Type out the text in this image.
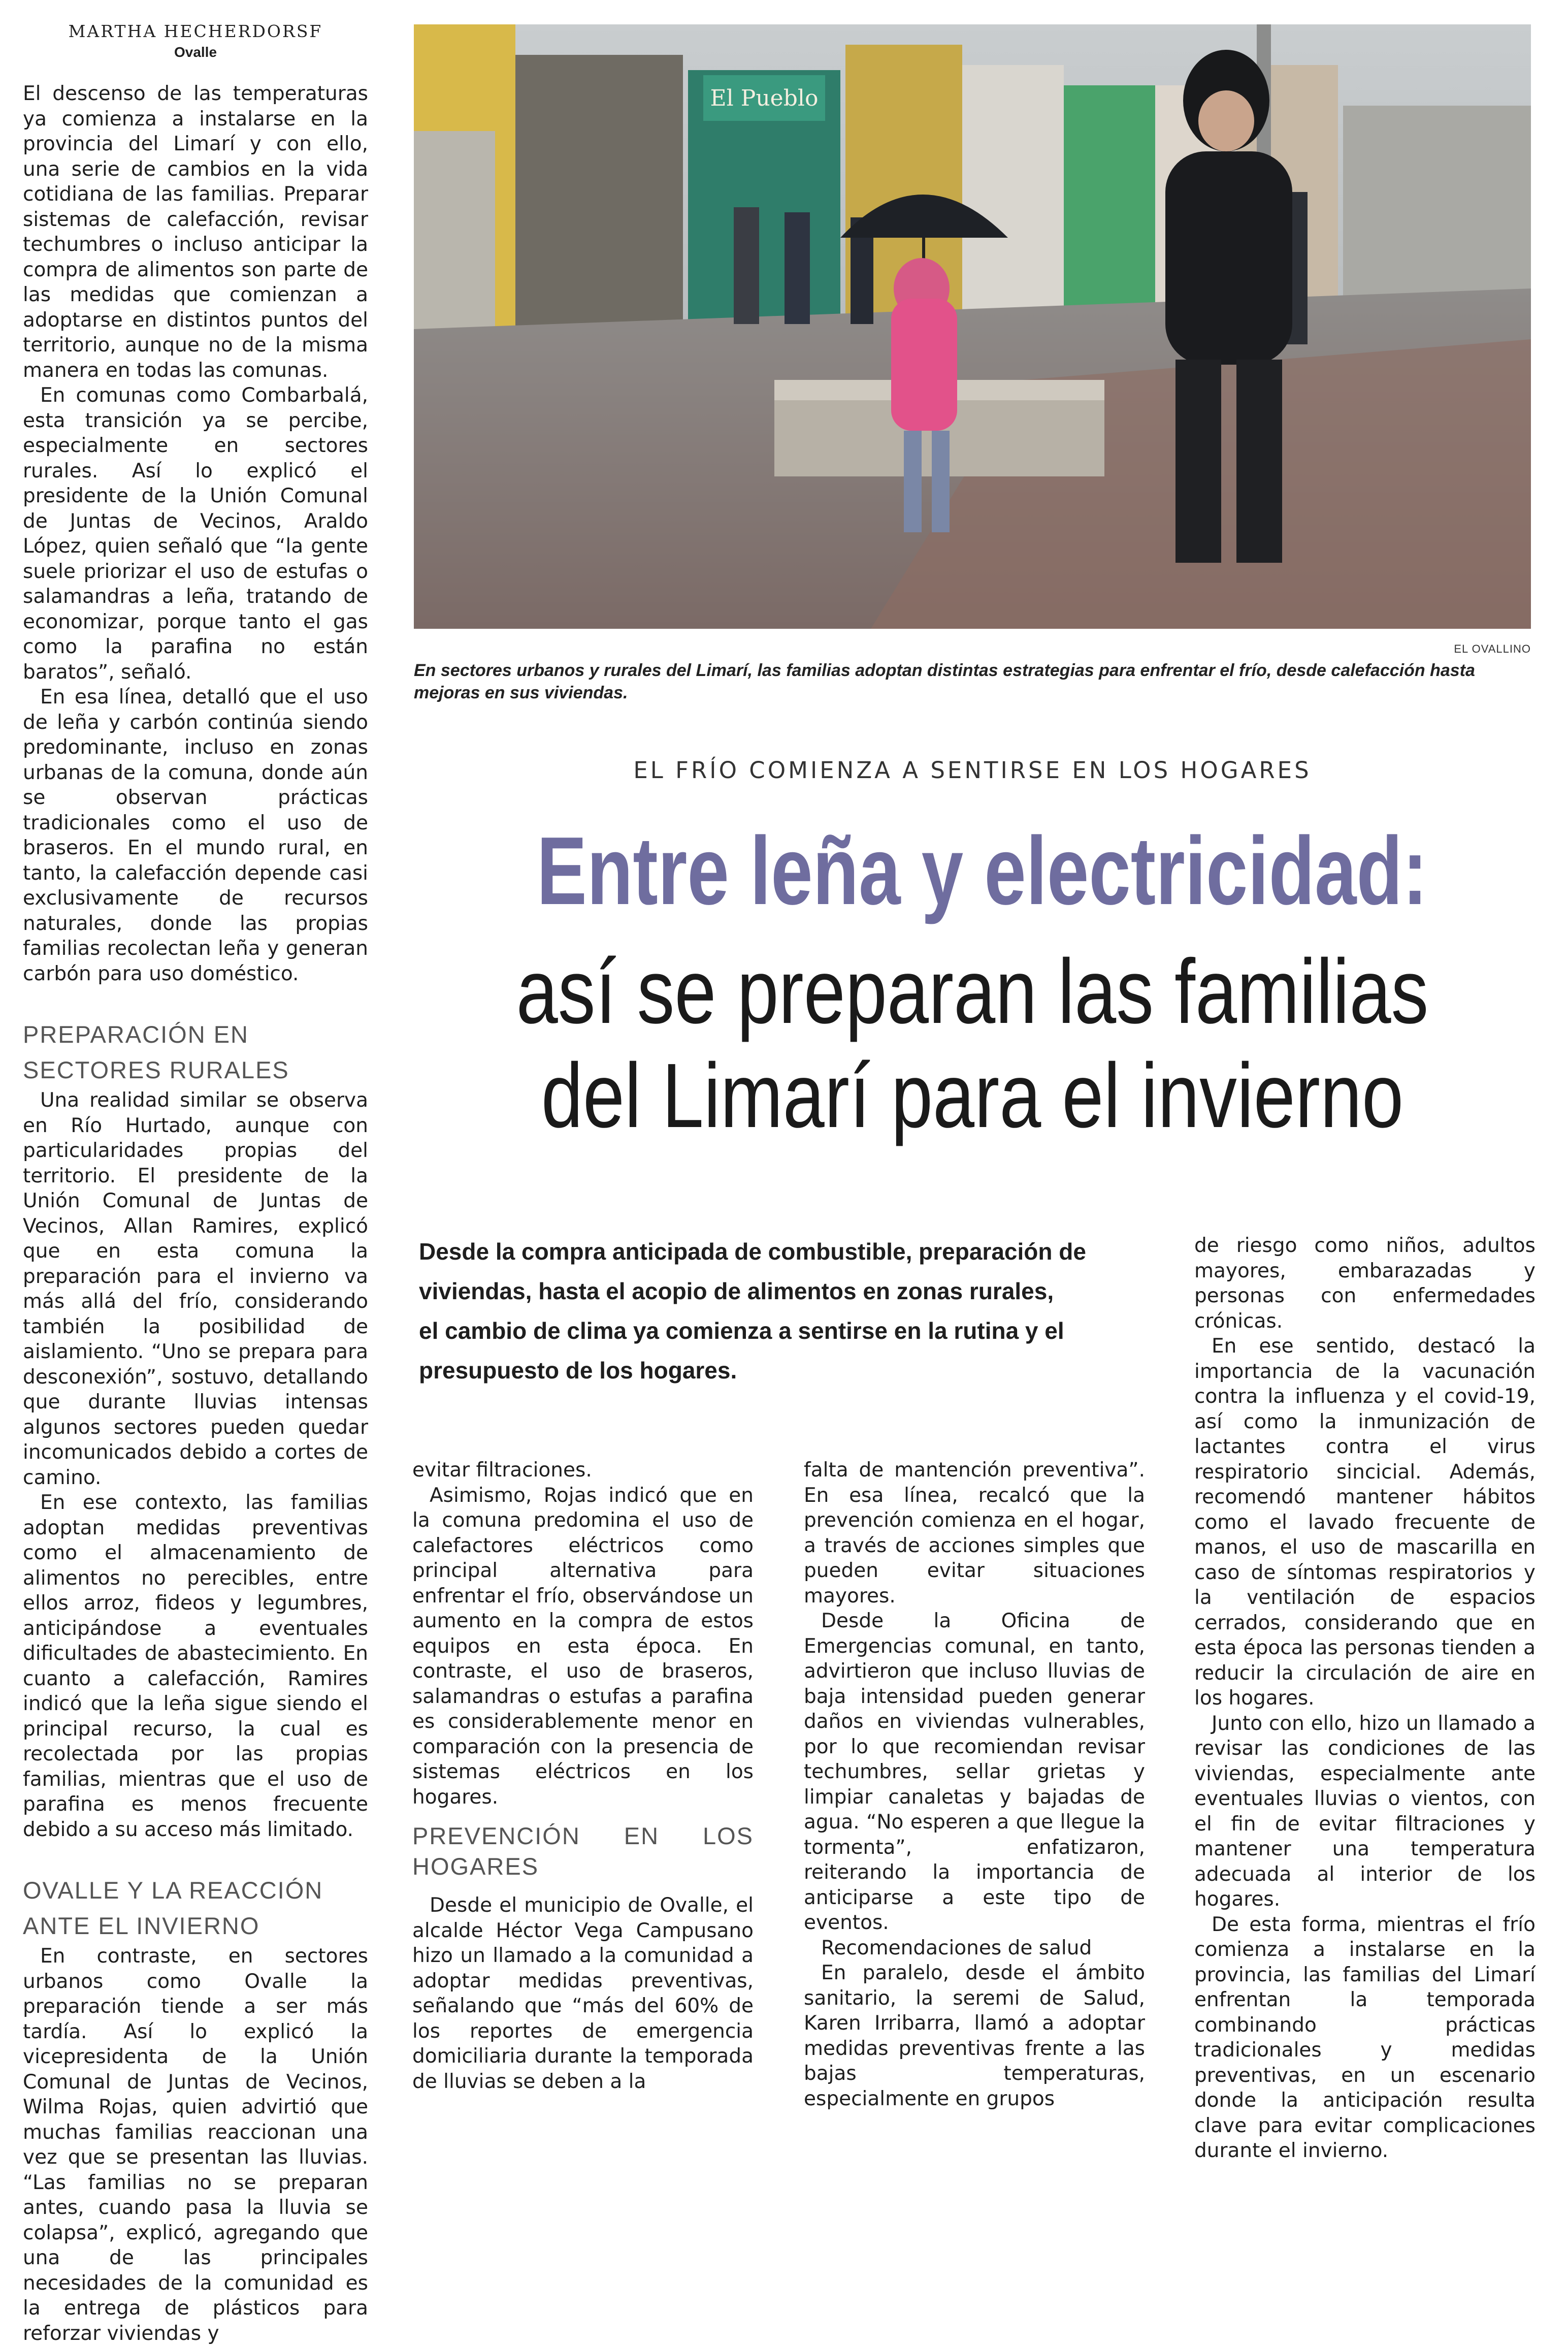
MARTHA HECHERDORSF
Ovalle

El descenso de las temperaturas ya comienza a instalarse en la provincia del Limarí y con ello, una serie de cambios en la vida cotidiana de las familias. Preparar sistemas de calefacción, revisar techumbres o incluso anticipar la compra de alimentos son parte de las medidas que comienzan a adoptarse en distintos puntos del territorio, aunque no de la misma manera en todas las comunas.

En comunas como Combarbalá, esta transición ya se percibe, especialmente en sectores rurales. Así lo explicó el presidente de la Unión Comunal de Juntas de Vecinos, Araldo López, quien señaló que “la gente suele priorizar el uso de estufas o salamandras a leña, tratando de economizar, porque tanto el gas como la parafina no están baratos”, señaló.

En esa línea, detalló que el uso de leña y carbón continúa siendo predominante, incluso en zonas urbanas de la comuna, donde aún se observan prácticas tradicionales como el uso de braseros. En el mundo rural, en tanto, la calefacción depende casi exclusivamente de recursos naturales, donde las propias familias recolectan leña y generan carbón para uso doméstico.

PREPARACIÓN EN
SECTORES RURALES

Una realidad similar se observa en Río Hurtado, aunque con particularidades propias del territorio. El presidente de la Unión Comunal de Juntas de Vecinos, Allan Ramires, explicó que en esta comuna la preparación para el invierno va más allá del frío, considerando también la posibilidad de aislamiento. “Uno se prepara para desconexión”, sostuvo, detallando que durante lluvias intensas algunos sectores pueden quedar incomunicados debido a cortes de camino.

En ese contexto, las familias adoptan medidas preventivas como el almacenamiento de alimentos no perecibles, entre ellos arroz, fideos y legumbres, anticipándose a eventuales dificultades de abastecimiento. En cuanto a calefacción, Ramires indicó que la leña sigue siendo el principal recurso, la cual es recolectada por las propias familias, mientras que el uso de parafina es menos frecuente debido a su acceso más limitado.

OVALLE Y LA REACCIÓN
ANTE EL INVIERNO

En contraste, en sectores urbanos como Ovalle la preparación tiende a ser más tardía. Así lo explicó la vicepresidenta de la Unión Comunal de Juntas de Vecinos, Wilma Rojas, quien advirtió que muchas familias reaccionan una vez que se presentan las lluvias. “Las familias no se preparan antes, cuando pasa la lluvia se colapsa”, explicó, agregando que una de las principales necesidades de la comunidad es la entrega de plásticos para reforzar viviendas y

El Pueblo
EL OVALLINO

En sectores urbanos y rurales del Limarí, las familias adoptan distintas estrategias para enfrentar el frío, desde calefacción hasta mejoras en sus viviendas.

EL FRÍO COMIENZA A SENTIRSE EN LOS HOGARES
Entre leña y electricidad:
así se preparan las familias
del Limarí para el invierno
Desde la compra anticipada de combustible, preparación de
viviendas, hasta el acopio de alimentos en zonas rurales,
el cambio de clima ya comienza a sentirse en la rutina y el
presupuesto de los hogares.

evitar filtraciones.

Asimismo, Rojas indicó que en la comuna predomina el uso de calefactores eléctricos como principal alternativa para enfrentar el frío, observándose un aumento en la compra de estos equipos en esta época. En contraste, el uso de braseros, salamandras o estufas a parafina es considerablemente menor en comparación con la presencia de sistemas eléctricos en los hogares.

PREVENCIÓN EN LOS HOGARES

Desde el municipio de Ovalle, el alcalde Héctor Vega Campusano hizo un llamado a la comunidad a adoptar medidas preventivas, señalando que “más del 60% de los reportes de emergencia domiciliaria durante la temporada de lluvias se deben a la

falta de mantención preventiva”. En esa línea, recalcó que la prevención comienza en el hogar, a través de acciones simples que pueden evitar situaciones mayores.

Desde la Oficina de Emergencias comunal, en tanto, advirtieron que incluso lluvias de baja intensidad pueden generar daños en viviendas vulnerables, por lo que recomiendan revisar techumbres, sellar grietas y limpiar canaletas y bajadas de agua. “No esperen a que llegue la tormenta”, enfatizaron, reiterando la importancia de anticiparse a este tipo de eventos.

Recomendaciones de salud

En paralelo, desde el ámbito sanitario, la seremi de Salud, Karen Irribarra, llamó a adoptar medidas preventivas frente a las bajas temperaturas, especialmente en grupos

de riesgo como niños, adultos mayores, embarazadas y personas con enfermedades crónicas.

En ese sentido, destacó la importancia de la vacunación contra la influenza y el covid-19, así como la inmunización de lactantes contra el virus respiratorio sincicial. Además, recomendó mantener hábitos como el lavado frecuente de manos, el uso de mascarilla en caso de síntomas respiratorios y la ventilación de espacios cerrados, considerando que en esta época las personas tienden a reducir la circulación de aire en los hogares.

Junto con ello, hizo un llamado a revisar las condiciones de las viviendas, especialmente ante eventuales lluvias o vientos, con el fin de evitar filtraciones y mantener una temperatura adecuada al interior de los hogares.

De esta forma, mientras el frío comienza a instalarse en la provincia, las familias del Limarí enfrentan la temporada combinando prácticas tradicionales y medidas preventivas, en un escenario donde la anticipación resulta clave para evitar complicaciones durante el invierno.
